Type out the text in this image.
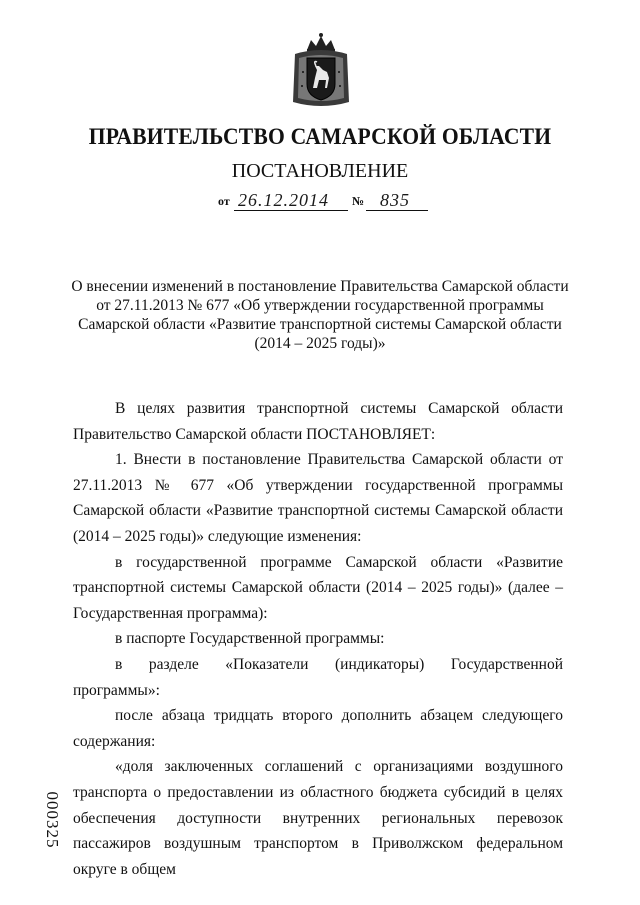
ПРАВИТЕЛЬСТВО САМАРСКОЙ ОБЛАСТИ
ПОСТАНОВЛЕНИЕ
от 26.12.2014 № 835
О внесении изменений в постановление Правительства Самарской области от 27.11.2013 № 677 «Об утверждении государственной программы Самарской области «Развитие транспортной системы Самарской области (2014 – 2025 годы)»

В целях развития транспортной системы Самарской области Правительство Самарской области ПОСТАНОВЛЯЕТ:

1. Внести в постановление Правительства Самарской области от 27.11.2013 № 677 «Об утверждении государственной программы Самарской области «Развитие транспортной системы Самарской области (2014 – 2025 годы)» следующие изменения:

в государственной программе Самарской области «Развитие транспортной системы Самарской области (2014 – 2025 годы)» (далее – Государственная программа):

в паспорте Государственной программы:

в разделе «Показатели (индикаторы) Государственной программы»:

после абзаца тридцать второго дополнить абзацем следующего содержания:

«доля заключенных соглашений с организациями воздушного транспорта о предоставлении из областного бюджета субсидий в целях обеспечения доступности внутренних региональных перевозок пассажиров воздушным транспортом в Приволжском федеральном округе в общем

000325
